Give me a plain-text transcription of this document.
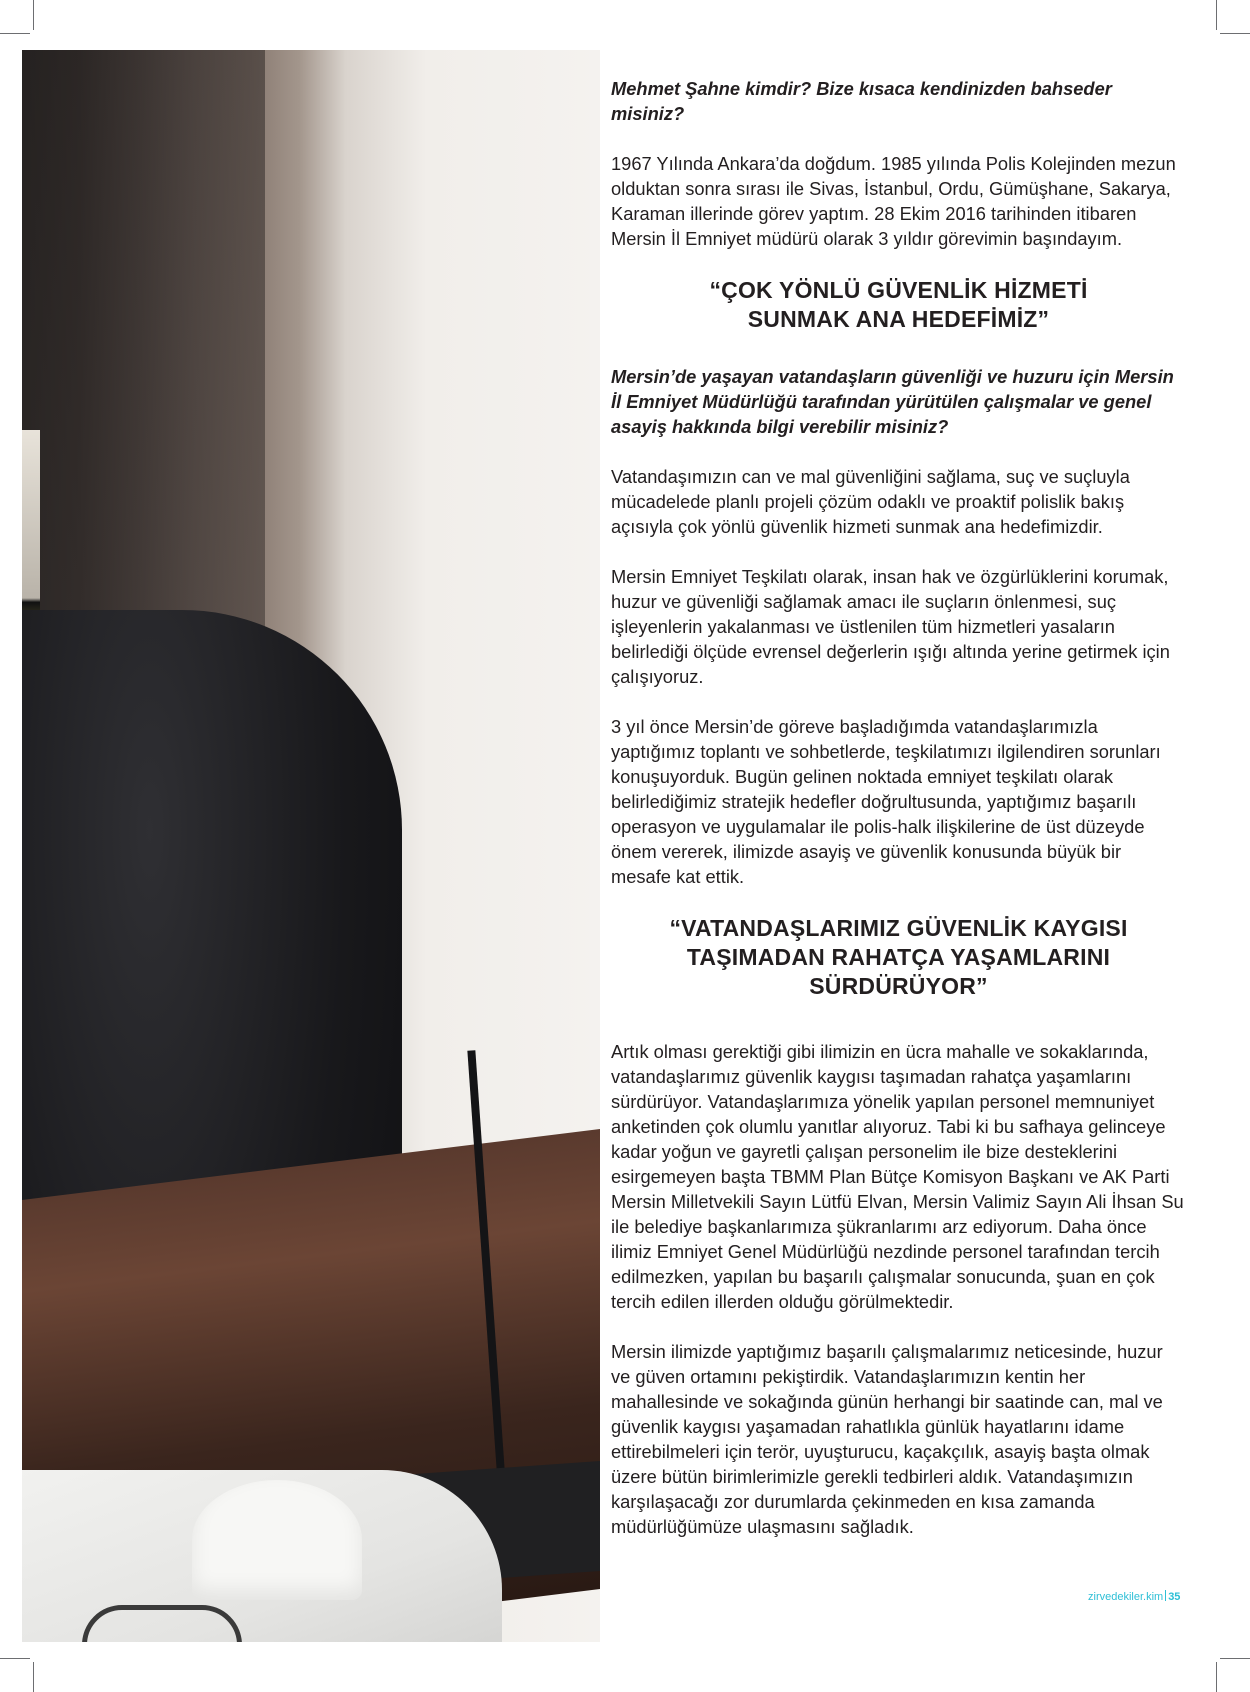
Mehmet Şahne kimdir? Bize kısaca kendinizden bahseder misiniz?

1967 Yılında Ankara’da doğdum. 1985 yılında Polis Kolejinden mezun olduktan sonra sırası ile Sivas, İstanbul, Ordu, Gümüşhane, Sakarya, Karaman illerinde görev yaptım. 28 Ekim 2016 tarihinden itibaren Mersin İl Emniyet müdürü olarak 3 yıldır görevimin başındayım.

“ÇOK YÖNLÜ GÜVENLİK HİZMETİ
SUNMAK ANA HEDEFİMİZ”

Mersin’de yaşayan vatandaşların güvenliği ve huzuru için Mersin İl Emniyet Müdürlüğü tarafından yürütülen çalışmalar ve genel asayiş hakkında bilgi verebilir misiniz?

Vatandaşımızın can ve mal güvenliğini sağlama, suç ve suçluyla mücadelede planlı projeli çözüm odaklı ve proaktif polislik bakış açısıyla çok yönlü güvenlik hizmeti sunmak ana hedefimizdir.

Mersin Emniyet Teşkilatı olarak, insan hak ve özgürlüklerini korumak, huzur ve güvenliği sağlamak amacı ile suçların önlenmesi, suç işleyenlerin yakalanması ve üstlenilen tüm hizmetleri yasaların belirlediği ölçüde evrensel değerlerin ışığı altında yerine getirmek için çalışıyoruz.

3 yıl önce Mersin’de göreve başladığımda vatandaşlarımızla yaptığımız toplantı ve sohbetlerde, teşkilatımızı ilgilendiren sorunları konuşuyorduk. Bugün gelinen noktada emniyet teşkilatı olarak belirlediğimiz stratejik hedefler doğrultusunda, yaptığımız başarılı operasyon ve uygulamalar ile polis-halk ilişkilerine de üst düzeyde önem vererek, ilimizde asayiş ve güvenlik konusunda büyük bir mesafe kat ettik.

“VATANDAŞLARIMIZ GÜVENLİK KAYGISI
TAŞIMADAN RAHATÇA YAŞAMLARINI
SÜRDÜRÜYOR”

Artık olması gerektiği gibi ilimizin en ücra mahalle ve sokaklarında, vatandaşlarımız güvenlik kaygısı taşımadan rahatça yaşamlarını sürdürüyor. Vatandaşlarımıza yönelik yapılan personel memnuniyet anketinden çok olumlu yanıtlar alıyoruz. Tabi ki bu safhaya gelinceye kadar yoğun ve gayretli çalışan personelim ile bize desteklerini esirgemeyen başta TBMM Plan Bütçe Komisyon Başkanı ve AK Parti Mersin Milletvekili Sayın Lütfü Elvan, Mersin Valimiz Sayın Ali İhsan Su ile belediye başkanlarımıza şükranlarımı arz ediyorum. Daha önce ilimiz Emniyet Genel Müdürlüğü nezdinde personel tarafından tercih edilmezken, yapılan bu başarılı çalışmalar sonucunda, şuan en çok tercih edilen illerden olduğu görülmektedir.

Mersin ilimizde yaptığımız başarılı çalışmalarımız neticesinde, huzur ve güven ortamını pekiştirdik. Vatandaşlarımızın kentin her mahallesinde ve sokağında günün herhangi bir saatinde can, mal ve güvenlik kaygısı yaşamadan rahatlıkla günlük hayatlarını idame ettirebilmeleri için terör, uyuşturucu, kaçakçılık, asayiş başta olmak üzere bütün birimlerimizle gerekli tedbirleri aldık. Vatandaşımızın karşılaşacağı zor durumlarda çekinmeden en kısa zamanda müdürlüğümüze ulaşmasını sağladık.

zirvedekiler.kim 35
